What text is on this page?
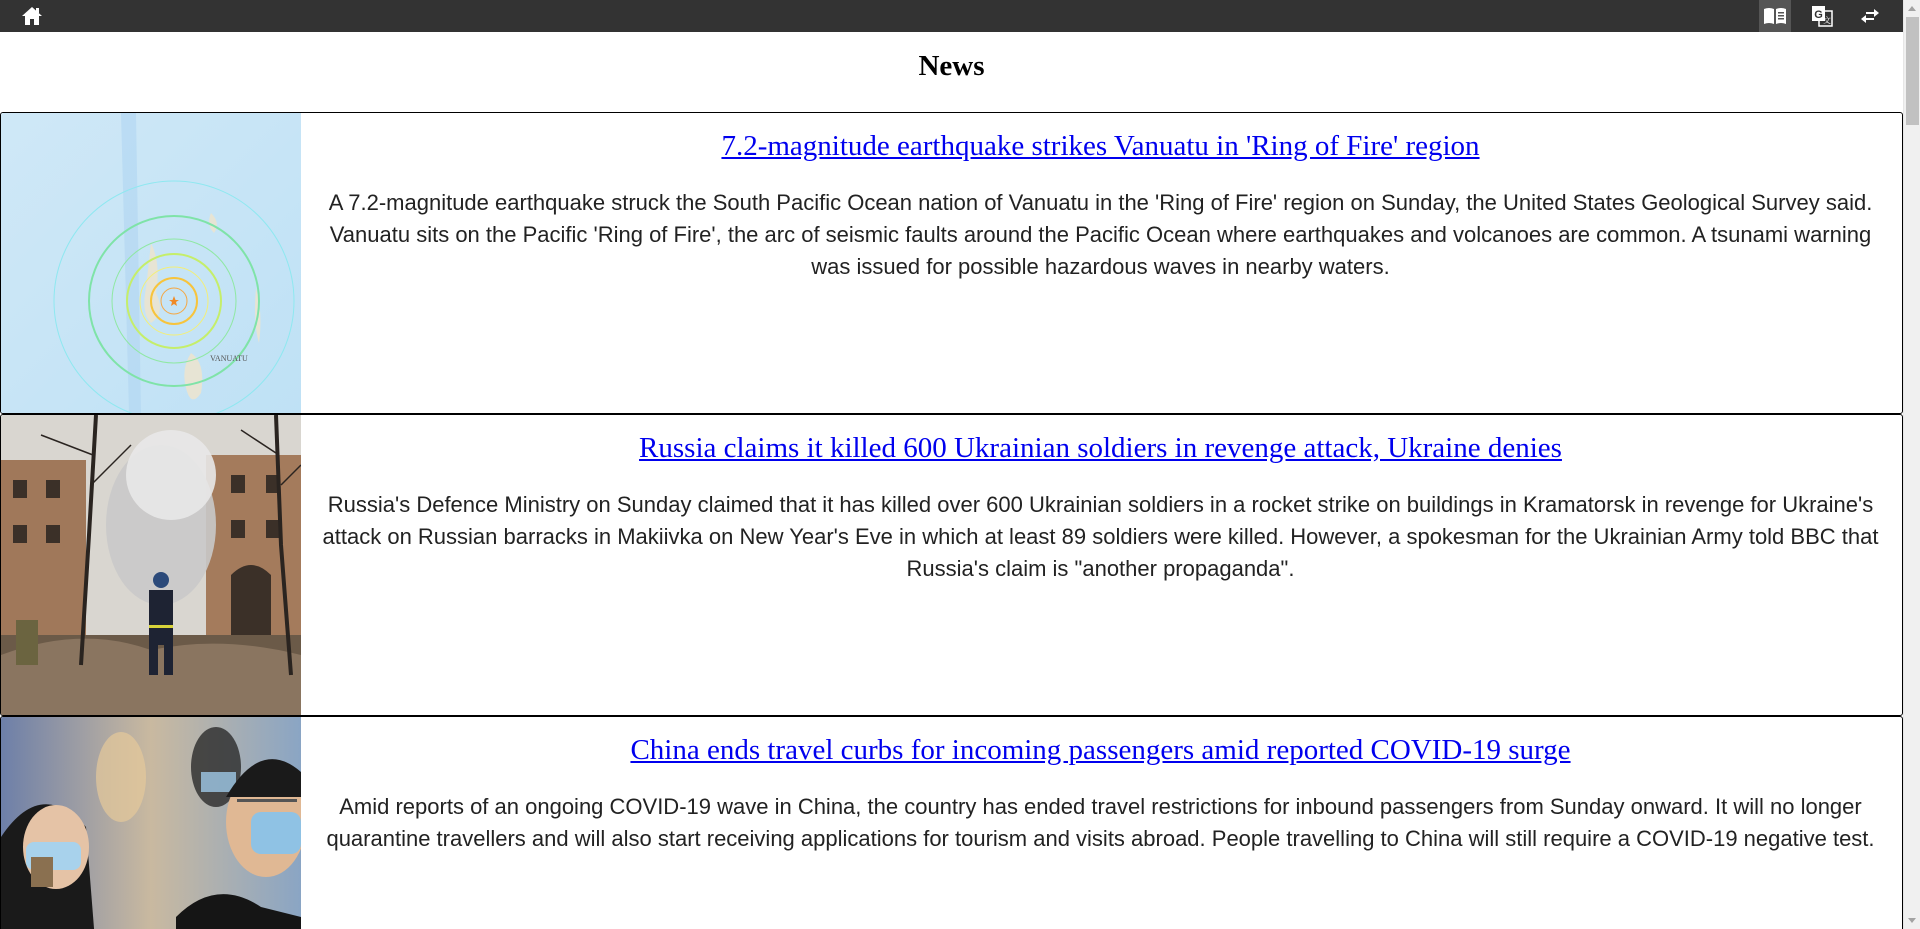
G 文
News
VANUATU
7.2-magnitude earthquake strikes Vanuatu in 'Ring of Fire' region

A 7.2-magnitude earthquake struck the South Pacific Ocean nation of Vanuatu in the 'Ring of Fire' region on Sunday, the United States Geological Survey said. Vanuatu sits on the Pacific 'Ring of Fire', the arc of seismic faults around the Pacific Ocean where earthquakes and volcanoes are common. A tsunami warning was issued for possible hazardous waves in nearby waters.

Russia claims it killed 600 Ukrainian soldiers in revenge attack, Ukraine denies

Russia's Defence Ministry on Sunday claimed that it has killed over 600 Ukrainian soldiers in a rocket strike on buildings in Kramatorsk in revenge for Ukraine's attack on Russian barracks in Makiivka on New Year's Eve in which at least 89 soldiers were killed. However, a spokesman for the Ukrainian Army told BBC that Russia's claim is "another propaganda".

China ends travel curbs for incoming passengers amid reported COVID-19 surge

Amid reports of an ongoing COVID-19 wave in China, the country has ended travel restrictions for inbound passengers from Sunday onward. It will no longer quarantine travellers and will also start receiving applications for tourism and visits abroad. People travelling to China will still require a COVID-19 negative test.
